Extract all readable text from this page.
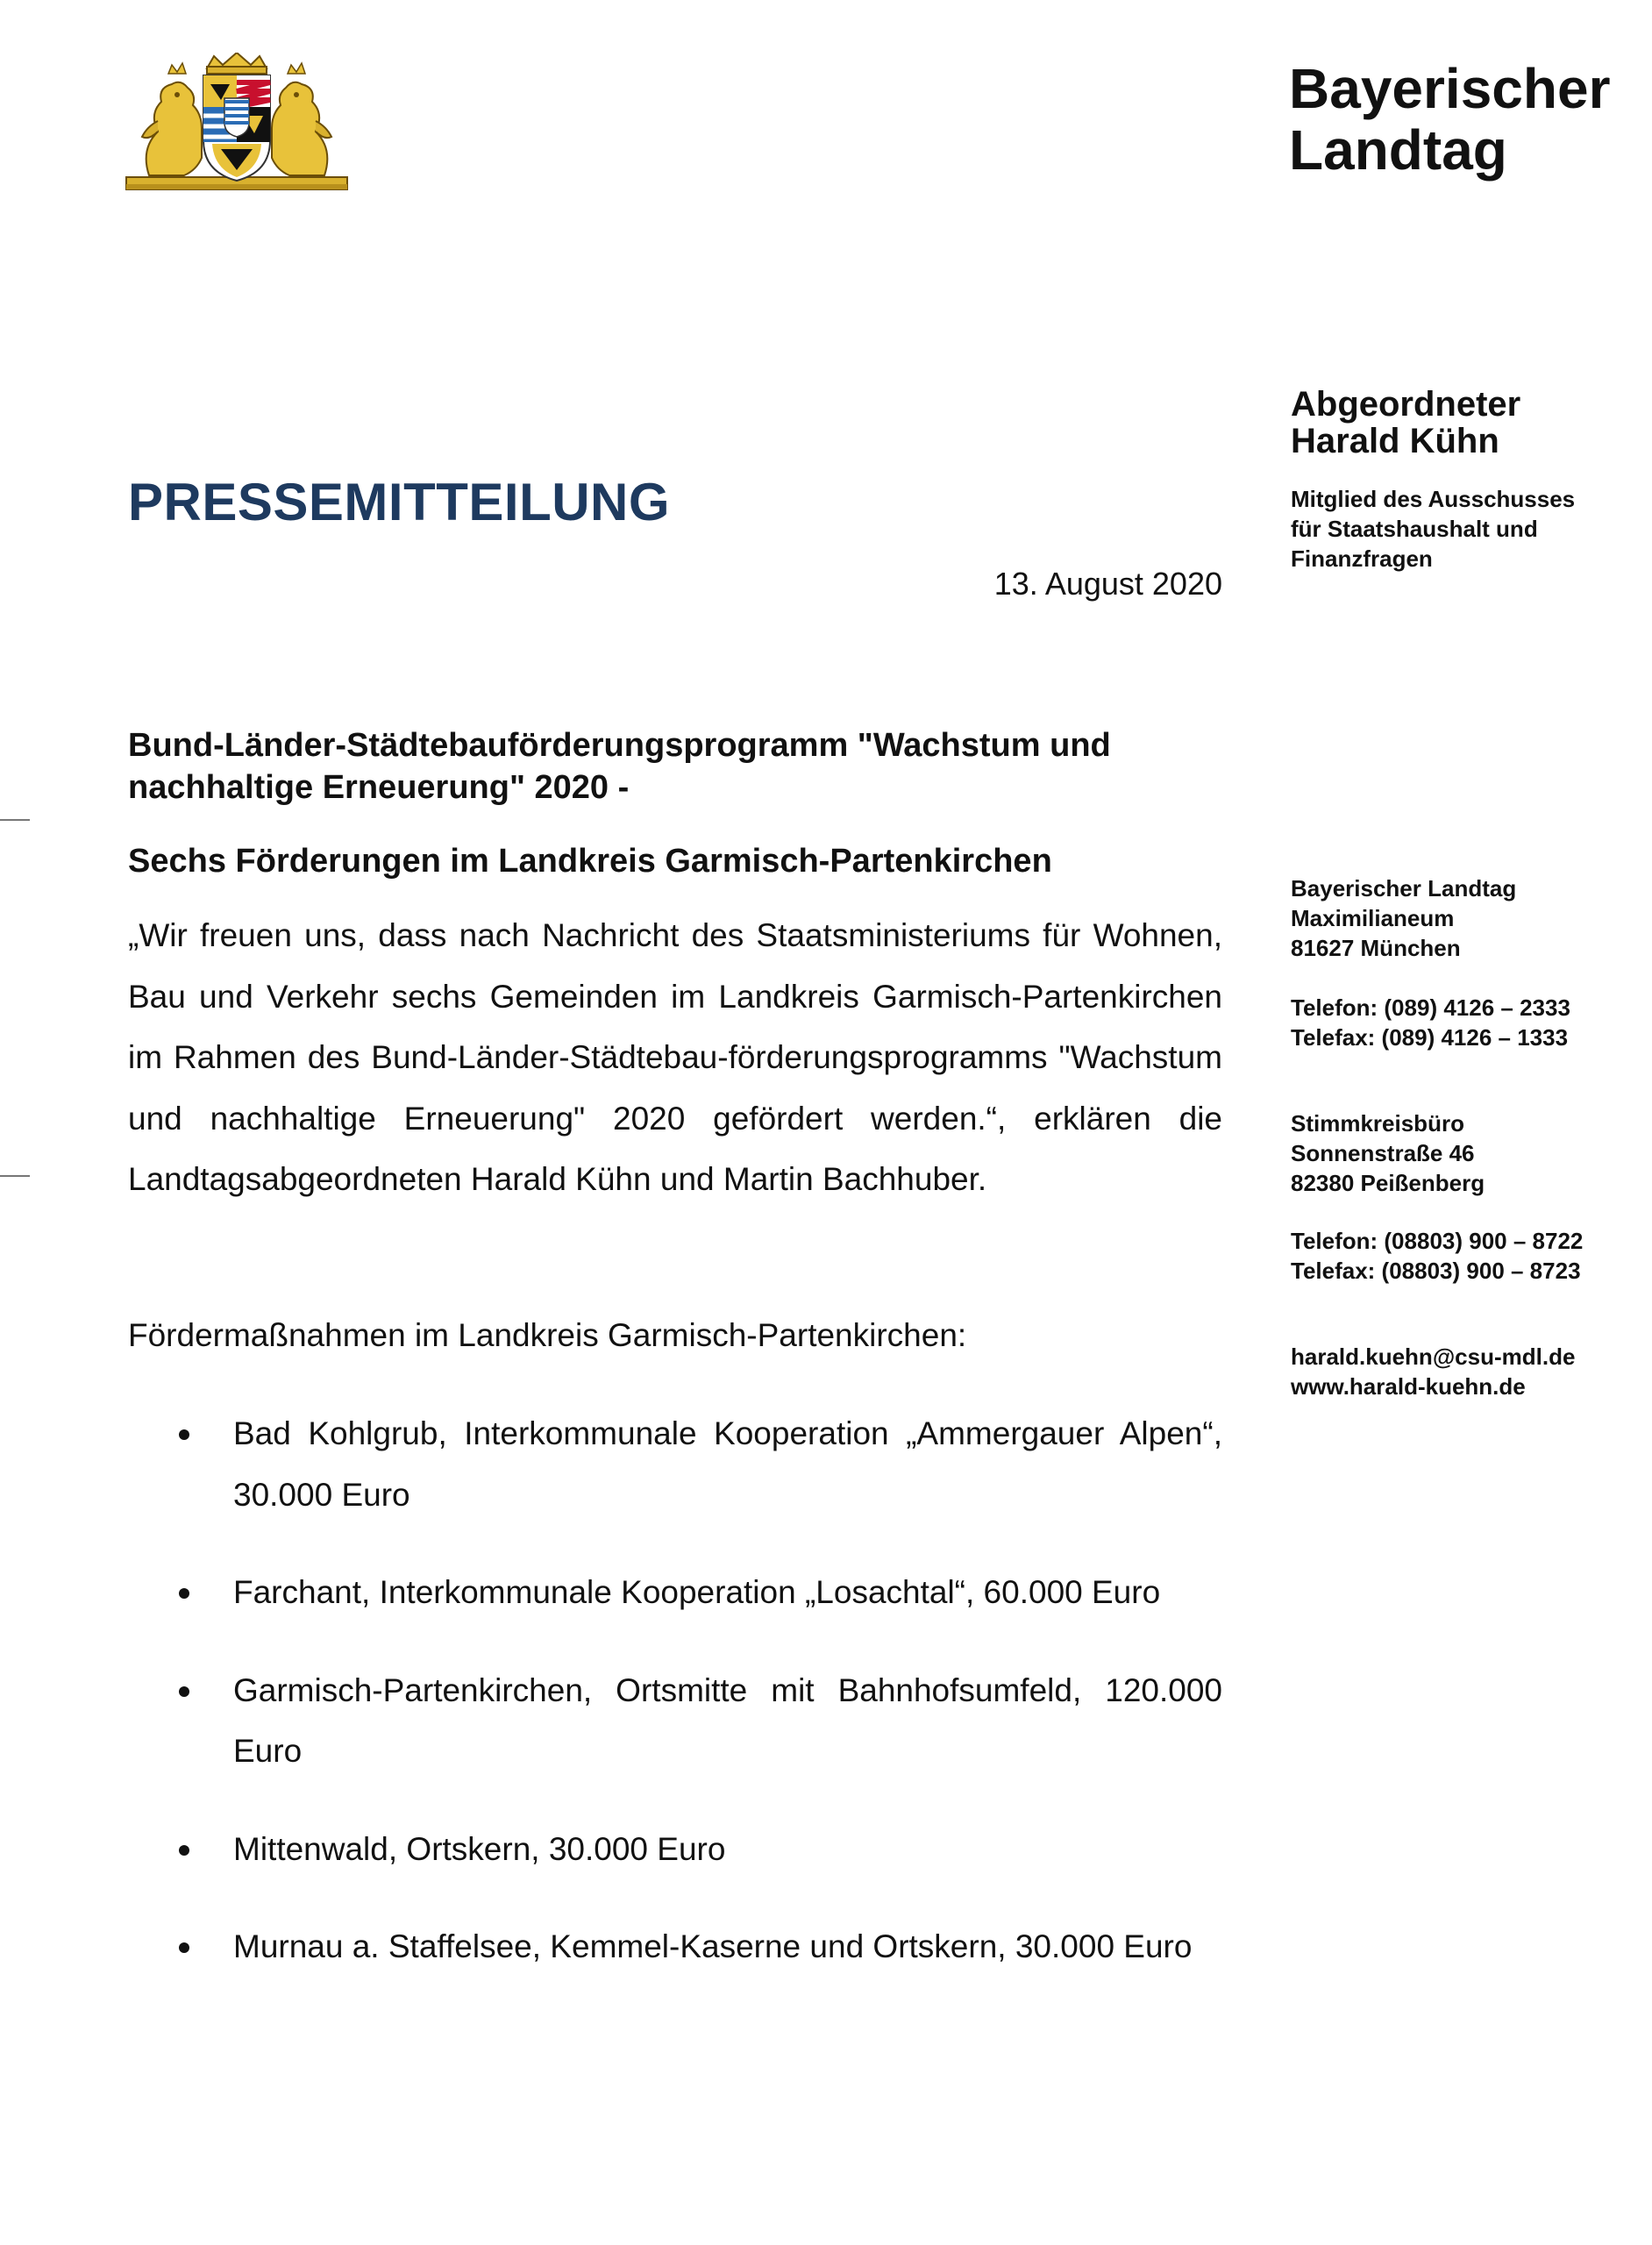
Bayerischer
Landtag
Abgeordneter
Harald Kühn
Mitglied des Ausschusses
für Staatshaushalt und
Finanzfragen
PRESSEMITTEILUNG
13. August 2020
Bund-Länder-Städtebauförderungsprogramm "Wachstum und nachhaltige Erneuerung" 2020 -
Sechs Förderungen im Landkreis Garmisch-Partenkirchen

„Wir freuen uns, dass nach Nachricht des Staatsministeriums für Wohnen, Bau und Verkehr sechs Gemeinden im Landkreis Garmisch-Partenkirchen im Rahmen des Bund-Länder-Städtebau-förderungsprogramms "Wachstum und nachhaltige Erneuerung" 2020 gefördert werden.“, erklären die Landtagsabgeordneten Harald Kühn und Martin Bachhuber.

Fördermaßnahmen im Landkreis Garmisch-Partenkirchen:

Bad Kohlgrub, Interkommunale Kooperation „Ammergauer Alpen“, 30.000 Euro
Farchant, Interkommunale Kooperation „Losachtal“, 60.000 Euro
Garmisch-Partenkirchen, Ortsmitte mit Bahnhofsumfeld, 120.000 Euro
Mittenwald, Ortskern, 30.000 Euro
Murnau a. Staffelsee, Kemmel-Kaserne und Ortskern, 30.000 Euro
Bayerischer Landtag
Maximilianeum
81627 München
Telefon: (089) 4126 – 2333
Telefax: (089) 4126 – 1333
Stimmkreisbüro
Sonnenstraße 46
82380 Peißenberg
Telefon: (08803) 900 – 8722
Telefax: (08803) 900 – 8723
harald.kuehn@csu-mdl.de
www.harald-kuehn.de
